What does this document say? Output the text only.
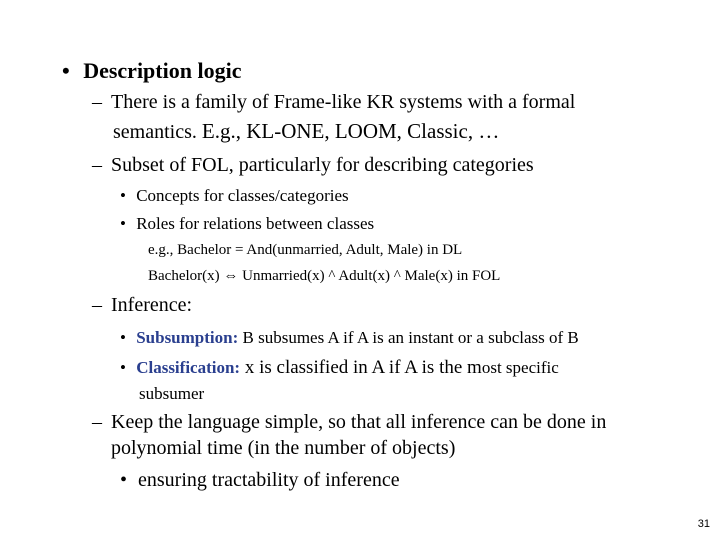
• Description logic
– There is a family of Frame-like KR systems with a formal
semantics. E.g., KL-ONE, LOOM, Classic, …
– Subset of FOL, particularly for describing categories
• Concepts for classes/categories
• Roles for relations between classes
e.g., Bachelor = And(unmarried, Adult, Male) in DL
Bachelor(x) ⇔ Unmarried(x) ^ Adult(x) ^ Male(x) in FOL
– Inference:
• Subsumption: B subsumes A if A is an instant or a subclass of B
• Classification: x is classified in A if A is the most specific
subsumer
– Keep the language simple, so that all inference can be done in
polynomial time (in the number of objects)
• ensuring tractability of inference
31
